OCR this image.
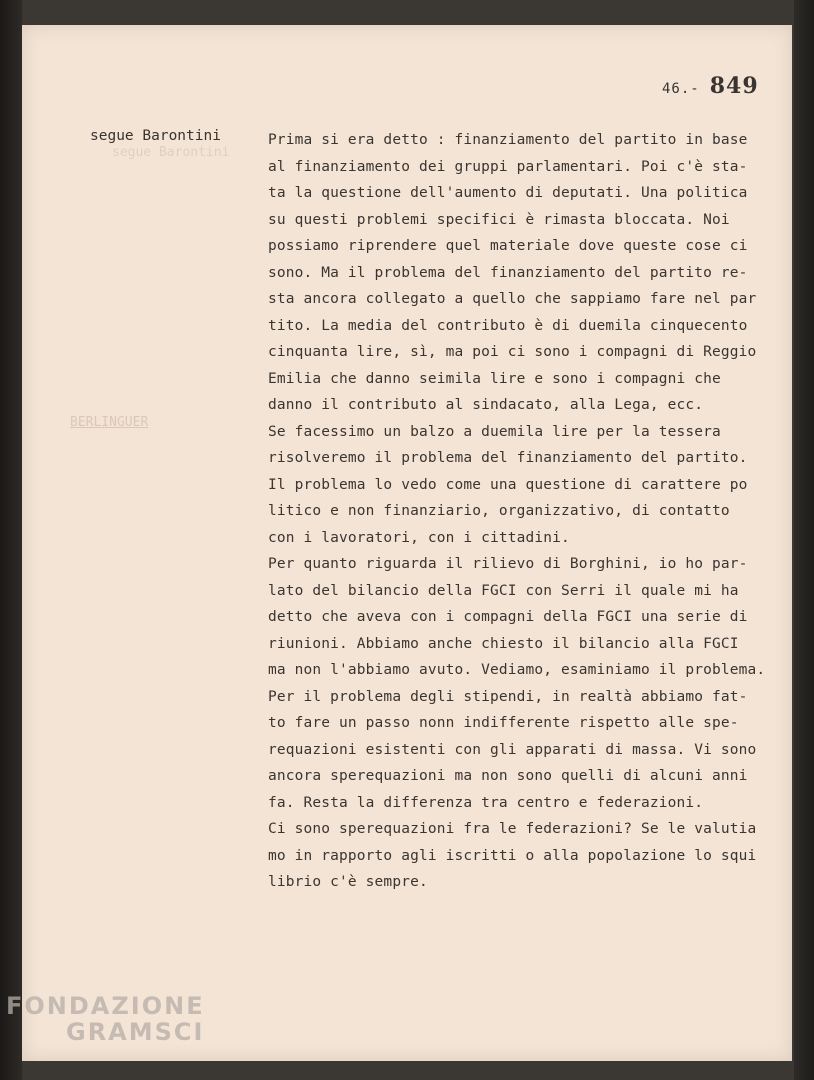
46.- 849
segue Barontini
BERLINGUER
segue Barontini	Prima si era detto : finanziamento del partito in base
al finanziamento dei gruppi parlamentari. Poi c'è sta-
ta la questione dell'aumento di deputati. Una politica
su questi problemi specifici è rimasta bloccata. Noi
possiamo riprendere quel materiale dove queste cose ci
sono. Ma il problema del finanziamento del partito re-
sta ancora collegato a quello che sappiamo fare nel par
tito. La media del contributo è di duemila cinquecento
cinquanta lire, sì, ma poi ci sono i compagni di Reggio
Emilia che danno seimila lire e sono i compagni che
danno il contributo al sindacato, alla Lega, ecc.
Se facessimo un balzo a duemila lire per la tessera
risolveremo il problema del finanziamento del partito.
Il problema lo vedo come una questione di carattere po
litico e non finanziario, organizzativo, di contatto
con i lavoratori, con i cittadini.
Per quanto riguarda il rilievo di Borghini, io ho par-
lato del bilancio della FGCI con Serri il quale mi ha
detto che aveva con i compagni della FGCI una serie di
riunioni. Abbiamo anche chiesto il bilancio alla FGCI
ma non l'abbiamo avuto. Vediamo, esaminiamo il problema.
Per il problema degli stipendi, in realtà abbiamo fat-
to fare un passo nonn indifferente rispetto alle spe-
requazioni esistenti con gli apparati di massa. Vi sono
ancora sperequazioni ma non sono quelli di alcuni anni
fa. Resta la differenza tra centro e federazioni.
Ci sono sperequazioni fra le federazioni? Se le valutia
mo in rapporto agli iscritti o alla popolazione lo squi
librio c'è sempre.
FONDAZIONE
GRAMSCI
